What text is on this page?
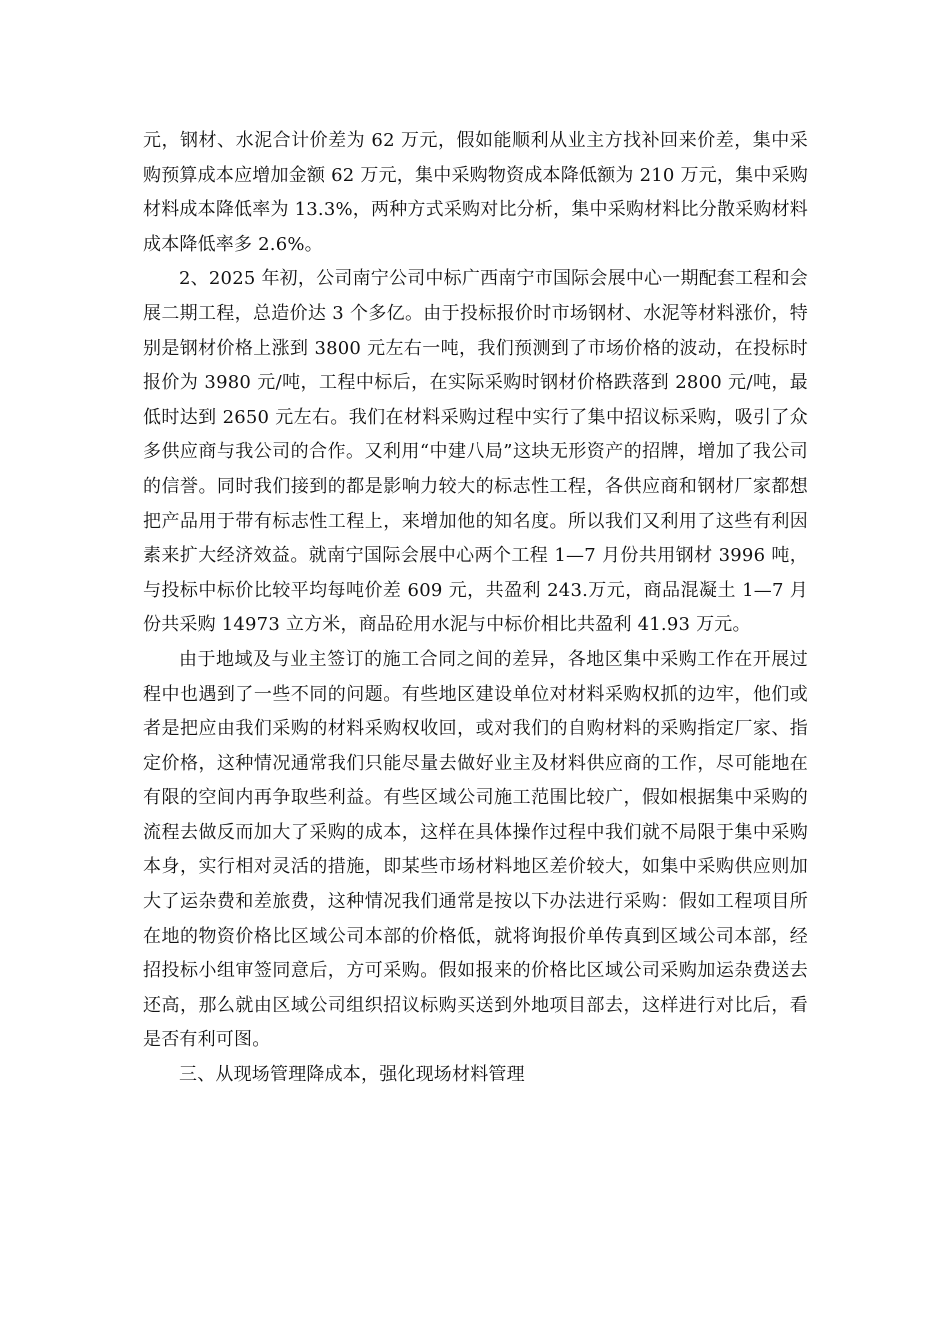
元，钢材、水泥合计价差为 62 万元，假如能顺利从业主方找补回来价差，集中采购预算成本应增加金额 62 万元，集中采购物资成本降低额为 210 万元，集中采购材料成本降低率为 13.3%，两种方式采购对比分析，集中采购材料比分散采购材料成本降低率多 2.6%。

2、2025 年初，公司南宁公司中标广西南宁市国际会展中心一期配套工程和会展二期工程，总造价达 3 个多亿。由于投标报价时市场钢材、水泥等材料涨价，特别是钢材价格上涨到 3800 元左右一吨，我们预测到了市场价格的波动，在投标时报价为 3980 元/吨，工程中标后，在实际采购时钢材价格跌落到 2800 元/吨，最低时达到 2650 元左右。我们在材料采购过程中实行了集中招议标采购，吸引了众多供应商与我公司的合作。又利用“中建八局”这块无形资产的招牌，增加了我公司的信誉。同时我们接到的都是影响力较大的标志性工程，各供应商和钢材厂家都想把产品用于带有标志性工程上，来增加他的知名度。所以我们又利用了这些有利因素来扩大经济效益。就南宁国际会展中心两个工程 1—7 月份共用钢材 3996 吨，与投标中标价比较平均每吨价差 609 元，共盈利 243.万元，商品混凝土 1—7 月份共采购 14973 立方米，商品砼用水泥与中标价相比共盈利 41.93 万元。

由于地域及与业主签订的施工合同之间的差异，各地区集中采购工作在开展过程中也遇到了一些不同的问题。有些地区建设单位对材料采购权抓的边牢，他们或者是把应由我们采购的材料采购权收回，或对我们的自购材料的采购指定厂家、指定价格，这种情况通常我们只能尽量去做好业主及材料供应商的工作，尽可能地在有限的空间内再争取些利益。有些区域公司施工范围比较广，假如根据集中采购的流程去做反而加大了采购的成本，这样在具体操作过程中我们就不局限于集中采购本身，实行相对灵活的措施，即某些市场材料地区差价较大，如集中采购供应则加大了运杂费和差旅费，这种情况我们通常是按以下办法进行采购：假如工程项目所在地的物资价格比区域公司本部的价格低，就将询报价单传真到区域公司本部，经招投标小组审签同意后，方可采购。假如报来的价格比区域公司采购加运杂费送去还高，那么就由区域公司组织招议标购买送到外地项目部去，这样进行对比后，看是否有利可图。

三、从现场管理降成本，强化现场材料管理
